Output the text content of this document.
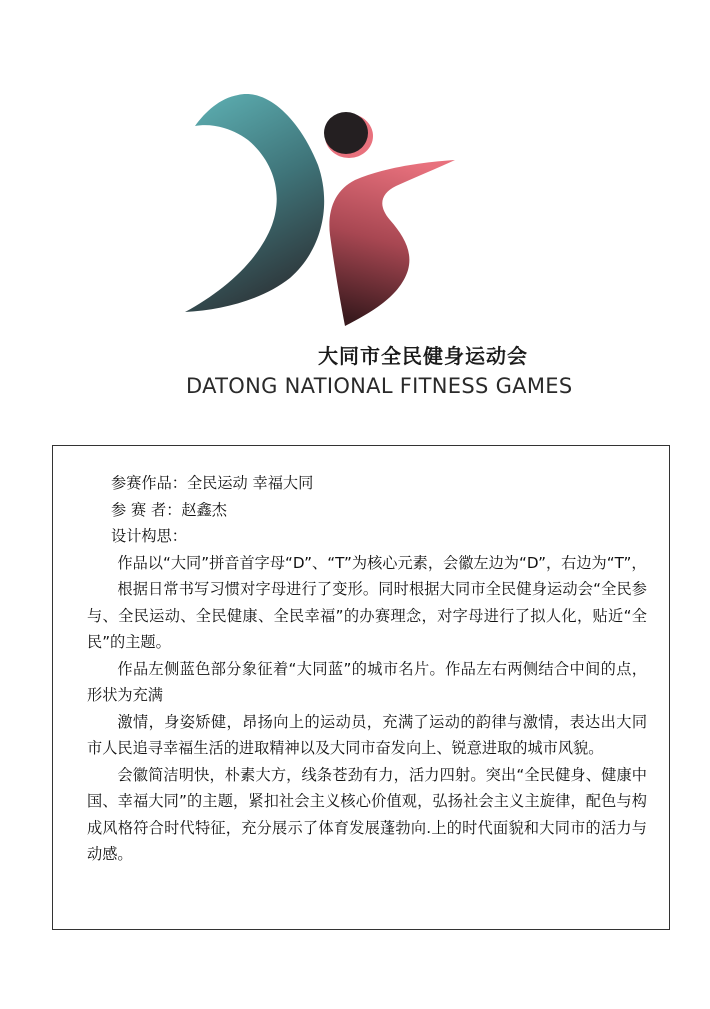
大同市全民健身运动会
DATONG NATIONAL FITNESS GAMES
参赛作品：全民运动 幸福大同
参 赛 者：赵鑫杰
设计构思：

作品以“大同”拼音首字母“D”、“T”为核心元素，会徽左边为“D”，右边为“T”，

根据日常书写习惯对字母进行了变形。同时根据大同市全民健身运动会“全民参与、全民运动、全民健康、全民幸福”的办赛理念，对字母进行了拟人化，贴近“全民”的主题。

作品左侧蓝色部分象征着“大同蓝”的城市名片。作品左右两侧结合中间的点，形状为充满

激情，身姿矫健，昂扬向上的运动员，充满了运动的韵律与激情，表达出大同市人民追寻幸福生活的进取精神以及大同市奋发向上、锐意进取的城市风貌。

会徽简洁明快，朴素大方，线条苍劲有力，活力四射。突出“全民健身、健康中国、幸福大同”的主题，紧扣社会主义核心价值观，弘扬社会主义主旋律，配色与构成风格符合时代特征，充分展示了体育发展蓬勃向.上的时代面貌和大同市的活力与动感。
